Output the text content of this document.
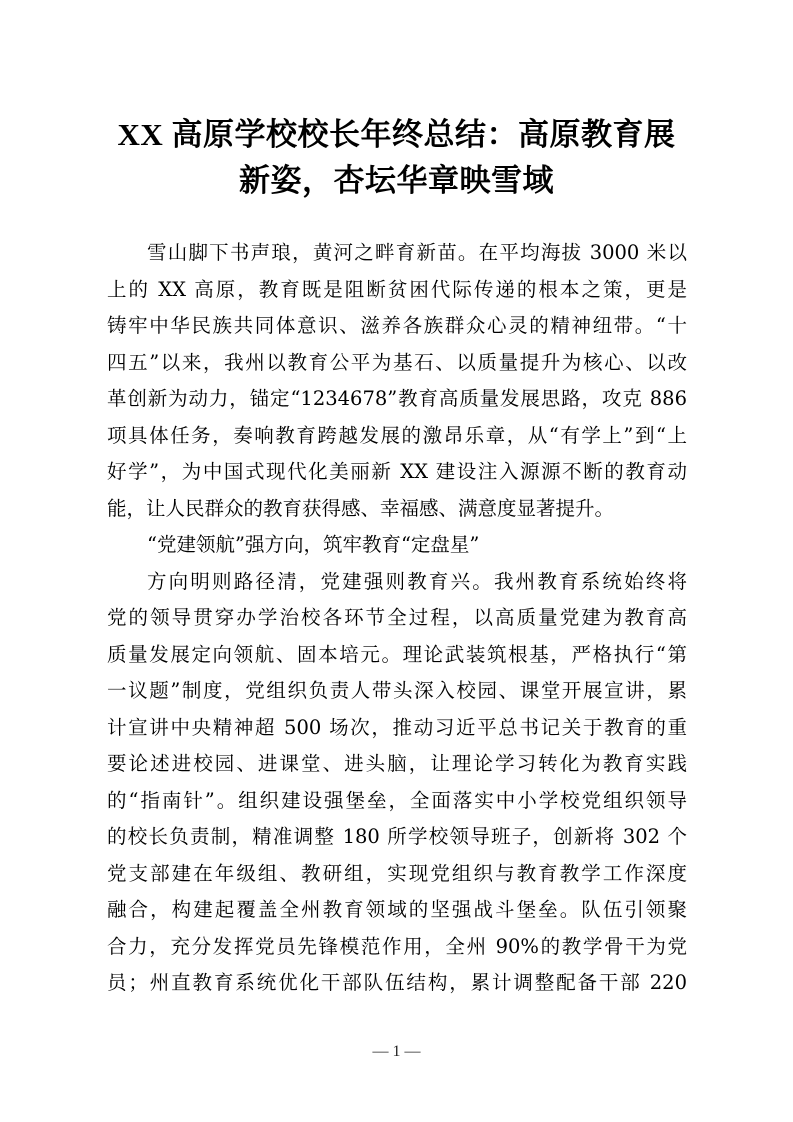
XX 高原学校校长年终总结：高原教育展
新姿，杏坛华章映雪域
雪山脚下书声琅，黄河之畔育新苗。在平均海拔 3000 米以
上的 XX 高原，教育既是阻断贫困代际传递的根本之策，更是
铸牢中华民族共同体意识、滋养各族群众心灵的精神纽带。“十
四五”以来，我州以教育公平为基石、以质量提升为核心、以改
革创新为动力，锚定“1234678”教育高质量发展思路，攻克 886
项具体任务，奏响教育跨越发展的激昂乐章，从“有学上”到“上
好学”，为中国式现代化美丽新 XX 建设注入源源不断的教育动
能，让人民群众的教育获得感、幸福感、满意度显著提升。
“党建领航”强方向，筑牢教育“定盘星”
方向明则路径清，党建强则教育兴。我州教育系统始终将
党的领导贯穿办学治校各环节全过程，以高质量党建为教育高
质量发展定向领航、固本培元。理论武装筑根基，严格执行“第
一议题”制度，党组织负责人带头深入校园、课堂开展宣讲，累
计宣讲中央精神超 500 场次，推动习近平总书记关于教育的重
要论述进校园、进课堂、进头脑，让理论学习转化为教育实践
的“指南针”。组织建设强堡垒，全面落实中小学校党组织领导
的校长负责制，精准调整 180 所学校领导班子，创新将 302 个
党支部建在年级组、教研组，实现党组织与教育教学工作深度
融合，构建起覆盖全州教育领域的坚强战斗堡垒。队伍引领聚
合力，充分发挥党员先锋模范作用，全州 90%的教学骨干为党
员；州直教育系统优化干部队伍结构，累计调整配备干部 220
— 1 —
